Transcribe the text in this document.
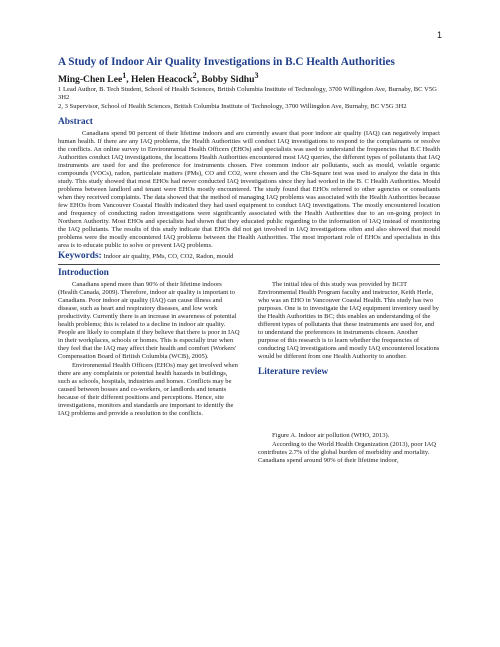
1
A Study of Indoor Air Quality Investigations in B.C Health Authorities
Ming-Chen Lee$^1$, Helen Heacock$^2$, Bobby Sidhu$^3$

1 Lead Author, B. Tech Student, School of Health Sciences, British Columbia Institute of Technology, 3700 Willingdon Ave, Burnaby, BC V5G 3H2

2, 3 Supervisor, School of Health Sciences, British Columbia Institute of Technology, 3700 Willingdon Ave, Burnaby, BC V5G 3H2

Abstract

Canadians spend 90 percent of their lifetime indoors and are currently aware that poor indoor air quality (IAQ) can negatively impact human health. If there are any IAQ problems, the Health Authorities will conduct IAQ investigations to respond to the complainants or resolve the conflicts. An online survey to Environmental Health Officers (EHOs) and specialists was used to understand the frequencies that B.C Health Authorities conduct IAQ investigations, the locations Health Authorities encountered most IAQ queries, the different types of pollutants that IAQ instruments are used for and the preference for instruments chosen. Five common indoor air pollutants, such as mould, volatile organic compounds (VOCs), radon, particulate matters (PMs), CO and CO2, were chosen and the Chi-Square test was used to analyze the data in this study. This study showed that most EHOs had never conducted IAQ investigations since they had worked in the B. C Health Authorities. Mould problems between landlord and tenant were EHOs mostly encountered. The study found that EHOs referred to other agencies or consultants when they received complaints. The data showed that the method of managing IAQ problems was associated with the Health Authorities because few EHOs from Vancouver Coastal Health indicated they had used equipment to conduct IAQ investigations. The mostly encountered location and frequency of conducting radon investigations were significantly associated with the Health Authorities due to an on-going project in Northern Authority. Most EHOs and specialists had shown that they educated public regarding to the information of IAQ instead of monitoring the IAQ pollutants. The results of this study indicate that EHOs did not get involved in IAQ investigations often and also showed that mould problems were the mostly encountered IAQ problems between the Health Authorities. The most important role of EHOs and specialists in this area is to educate public to solve or prevent IAQ problems.

Keywords: Indoor air quality, PMs, CO, CO2, Radon, mould

Introduction

Canadians spend more than 90% of their lifetime indoors (Health Canada, 2009). Therefore, indoor air quality is important to Canadians. Poor indoor air quality (IAQ) can cause illness and disease, such as heart and respiratory diseases, and low work productivity. Currently there is an increase in awareness of potential health problems; this is related to a decline in indoor air quality. People are likely to complain if they believe that there is poor in IAQ in their workplaces, schools or homes. This is especially true when they feel that the IAQ may affect their health and comfort (Workers' Compensation Board of British Columbia (WCB), 2005).

Environmental Health Officers (EHOs) may get involved when there are any complaints or potential health hazards in buildings, such as schools, hospitals, industries and homes. Conflicts may be caused between bosses and co-workers, or landlords and tenants because of their different positions and perceptions. Hence, site investigations, monitors and standards are important to identify the IAQ problems and provide a resolution to the conflicts.

The initial idea of this study was provided by BCIT Environmental Health Program faculty and instructor, Keith Herle, who was an EHO in Vancouver Coastal Health. This study has two purposes. One is to investigate the IAQ equipment inventory used by the Health Authorities in BC; this enables an understanding of the different types of pollutants that these instruments are used for, and to understand the preferences in instruments chosen. Another purpose of this research is to learn whether the frequencies of conducing IAQ investigations and mostly IAQ encountered locations would be different from one Health Authority to another.

Literature review

Figure A. Indoor air pollution (WHO, 2013).

According to the World Health Organization (2013), poor IAQ contributes 2.7% of the global burden of morbidity and mortality. Canadians spend around 90% of their lifetime indoor,
